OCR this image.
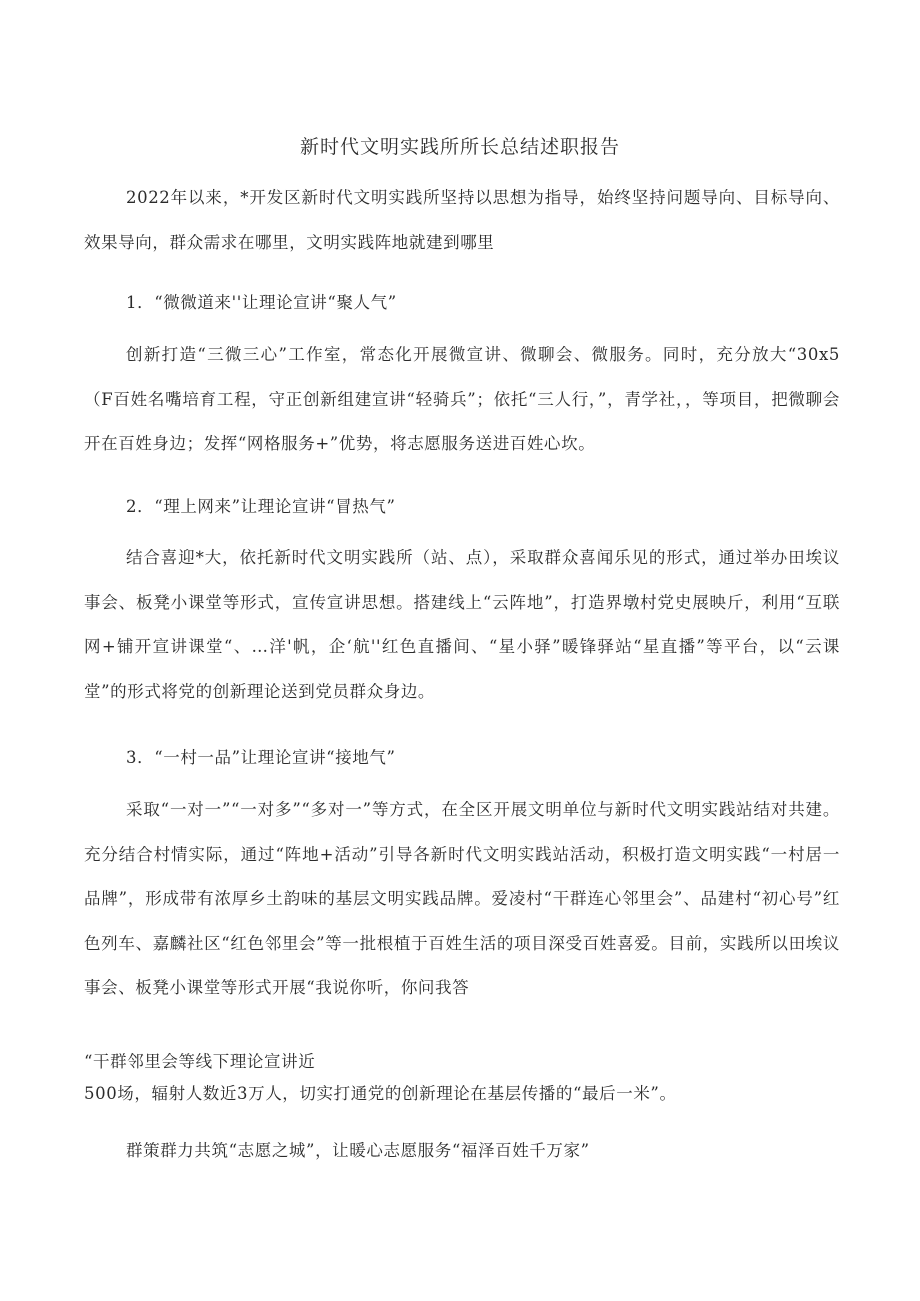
新时代文明实践所所长总结述职报告

2022年以来，*开发区新时代文明实践所坚持以思想为指导，始终坚持问题导向、目标导向、效果导向，群众需求在哪里，文明实践阵地就建到哪里

1．“微微道来''让理论宣讲“聚人气”

创新打造“三微三心”工作室，常态化开展微宣讲、微聊会、微服务。同时，充分放大“30x5（F百姓名嘴培育工程，守正创新组建宣讲“轻骑兵”；依托“三人行，”，青学社，，等项目，把微聊会开在百姓身边；发挥“网格服务+”优势，将志愿服务送进百姓心坎。

2．“理上网来”让理论宣讲“冒热气”

结合喜迎*大，依托新时代文明实践所（站、点），采取群众喜闻乐见的形式，通过举办田埃议事会、板凳小课堂等形式，宣传宣讲思想。搭建线上“云阵地”，打造界墩村党史展映斤，利用“互联网+铺开宣讲课堂“、…洋'帆，企‘航''红色直播间、“星小驿”暖锋驿站“星直播”等平台，以“云课堂”的形式将党的创新理论送到党员群众身边。

3．“一村一品”让理论宣讲“接地气”

采取“一对一”“一对多”“多对一”等方式，在全区开展文明单位与新时代文明实践站结对共建。充分结合村情实际，通过“阵地+活动”引导各新时代文明实践站活动，积极打造文明实践“一村居一品牌”，形成带有浓厚乡土韵味的基层文明实践品牌。爱凌村“干群连心邻里会”、品建村“初心号”红色列车、嘉麟社区“红色邻里会”等一批根植于百姓生活的项目深受百姓喜爱。目前，实践所以田埃议事会、板凳小课堂等形式开展“我说你听，你问我答

“干群邻里会等线下理论宣讲近
500场，辐射人数近3万人，切实打通党的创新理论在基层传播的“最后一米”。
群策群力共筑“志愿之城”，让暖心志愿服务“福泽百姓千万家”
